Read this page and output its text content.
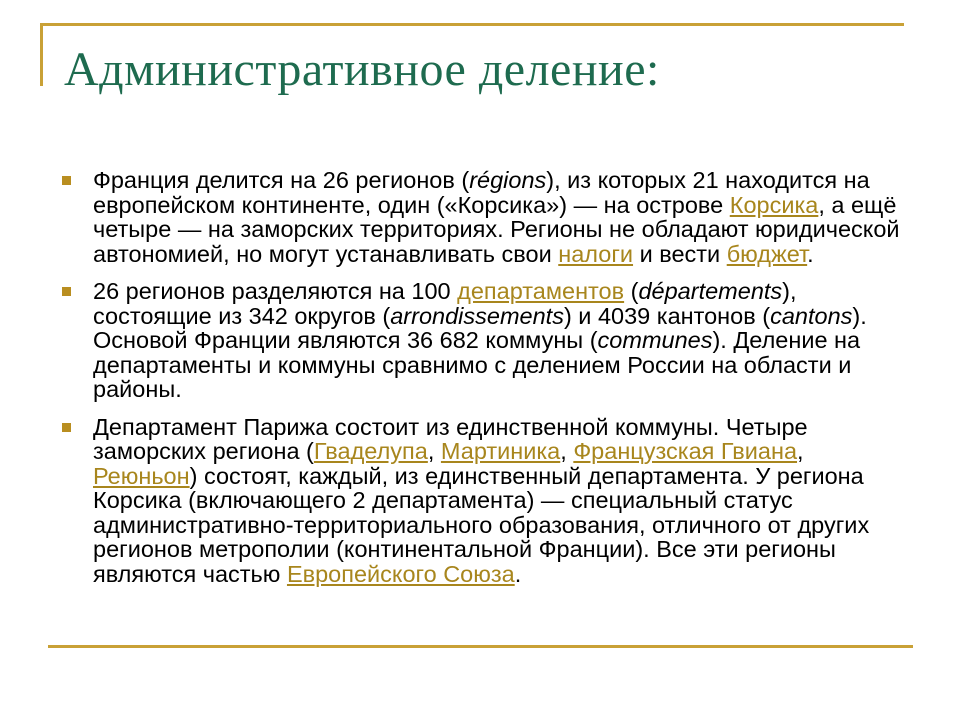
Административное деление:
Франция делится на 26 регионов (régions), из которых 21 находится на европейском континенте, один («Корсика») — на острове Корсика, а ещё четыре — на заморских территориях. Регионы не обладают юридической автономией, но могут устанавливать свои налоги и вести бюджет.
26 регионов разделяются на 100 департаментов (départements), состоящие из 342 округов (arrondissements) и 4039 кантонов (cantons). Основой Франции являются 36 682 коммуны (communes). Деление на департаменты и коммуны сравнимо с делением России на области и районы.
Департамент Парижа состоит из единственной коммуны. Четыре заморских региона (Гваделупа, Мартиника, Французская Гвиана, Реюньон) состоят, каждый, из единственный департамента. У региона Корсика (включающего 2 департамента) — специальный статус административно-территориального образования, отличного от других регионов метрополии (континентальной Франции). Все эти регионы являются частью Европейского Союза.
